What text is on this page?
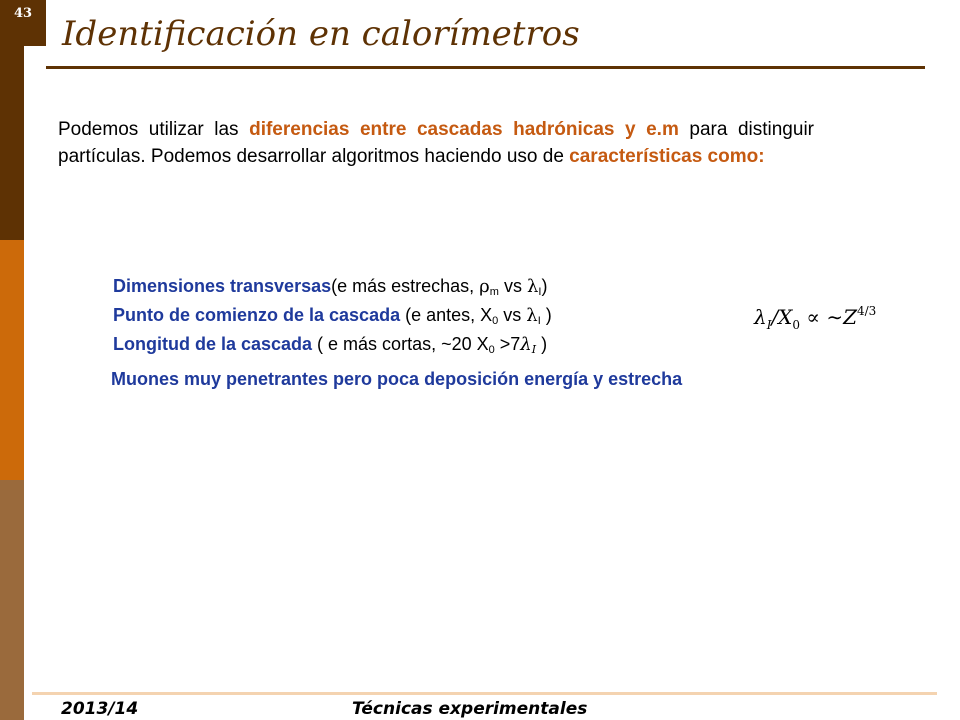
43
Identificación en calorímetros
Podemos utilizar las diferencias entre cascadas hadrónicas y e.m para distinguir partículas. Podemos desarrollar algoritmos haciendo uso de características como:
Dimensiones transversas(e más estrechas, $\rho_m$ vs $\lambda_I$)
Punto de comienzo de la cascada (e antes, $X_0$ vs $\lambda_I$ )
Longitud de la cascada ( e más cortas, ~20 $X_0 >7\lambda_I$ )
$\lambda_I/X_0$ ∝ $\sim Z^{4/3}$
Muones muy penetrantes pero poca deposición energía y estrecha
2013/14	Técnicas experimentales
